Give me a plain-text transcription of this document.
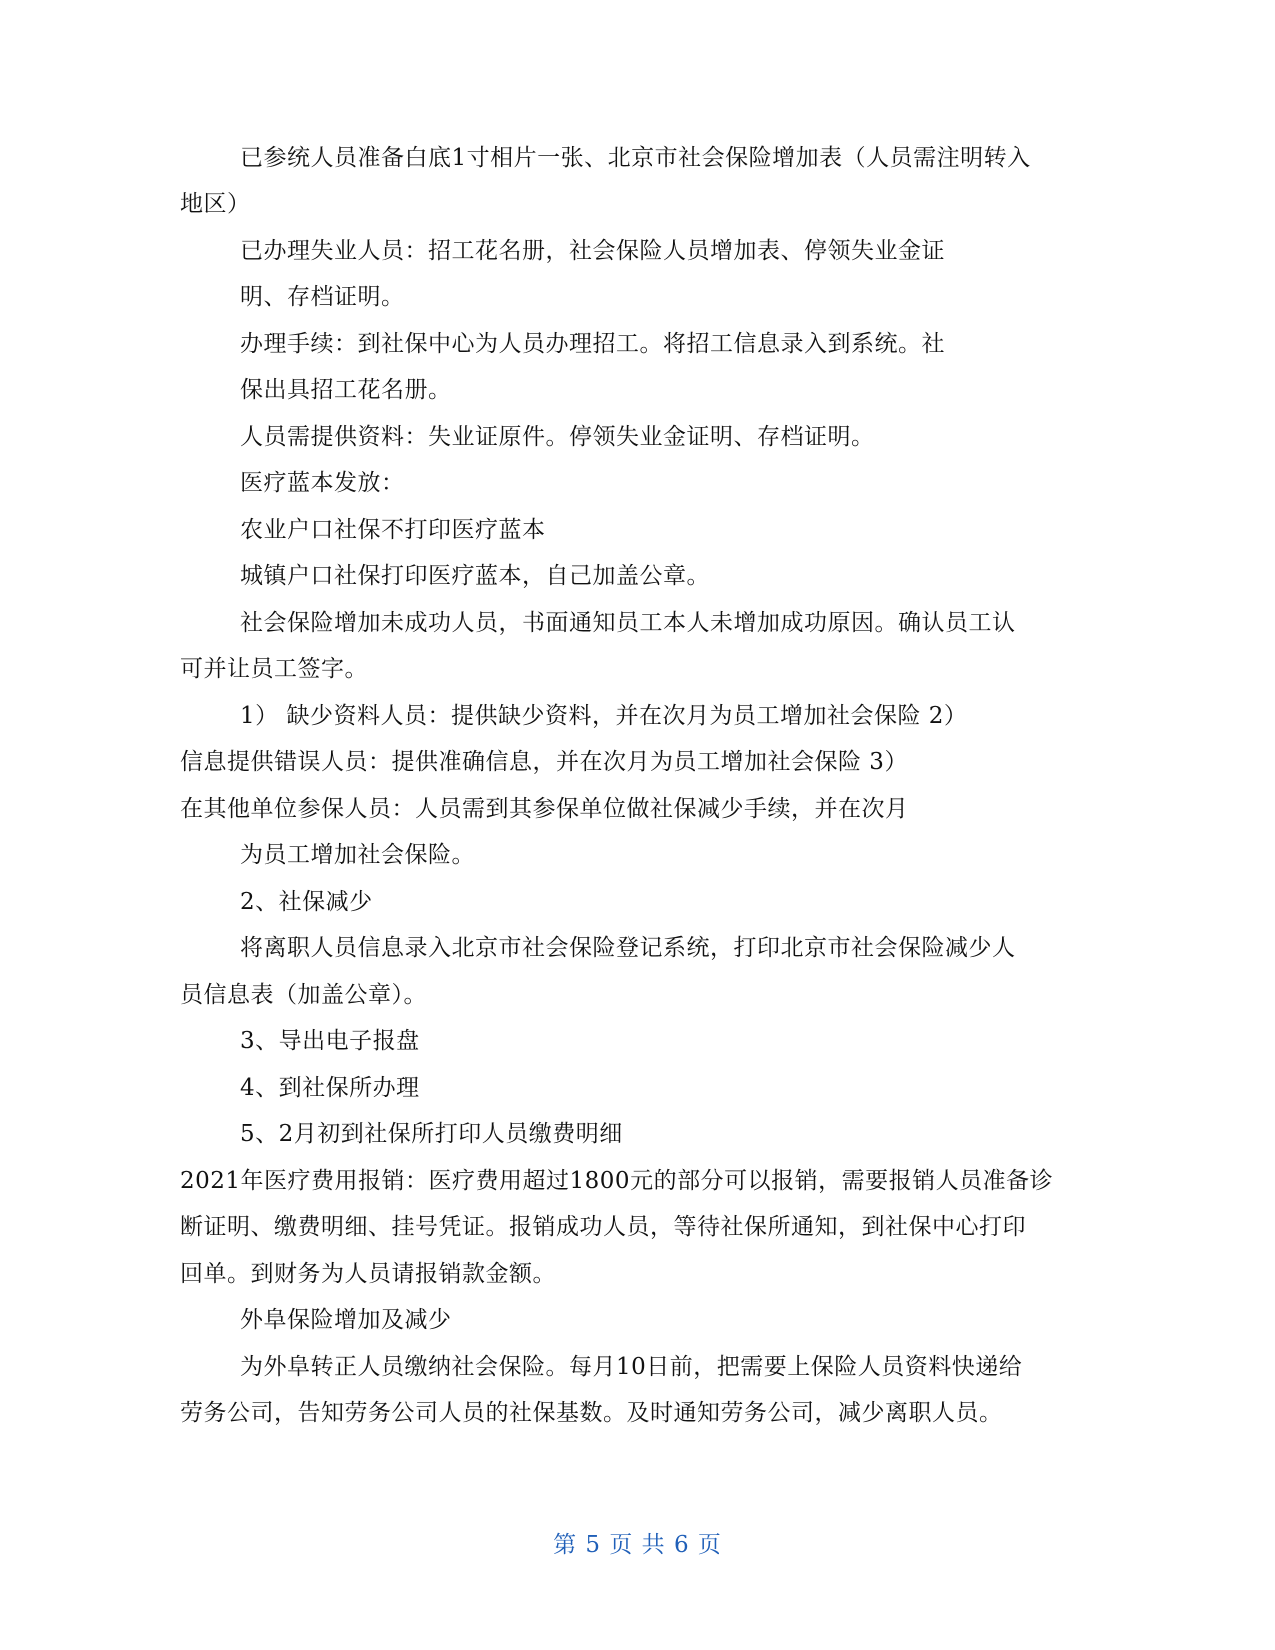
已参统人员准备白底1寸相片一张、北京市社会保险增加表（人员需注明转入
地区）
已办理失业人员：招工花名册，社会保险人员增加表、停领失业金证
明、存档证明。
办理手续：到社保中心为人员办理招工。将招工信息录入到系统。社
保出具招工花名册。
人员需提供资料：失业证原件。停领失业金证明、存档证明。
医疗蓝本发放：
农业户口社保不打印医疗蓝本
城镇户口社保打印医疗蓝本，自己加盖公章。
社会保险增加未成功人员，书面通知员工本人未增加成功原因。确认员工认
可并让员工签字。
1） 缺少资料人员：提供缺少资料，并在次月为员工增加社会保险 2）
信息提供错误人员：提供准确信息，并在次月为员工增加社会保险 3）
在其他单位参保人员：人员需到其参保单位做社保减少手续，并在次月
为员工增加社会保险。
2、社保减少
将离职人员信息录入北京市社会保险登记系统，打印北京市社会保险减少人
员信息表（加盖公章）。
3、导出电子报盘
4、到社保所办理
5、2月初到社保所打印人员缴费明细
2021年医疗费用报销：医疗费用超过1800元的部分可以报销，需要报销人员准备诊
断证明、缴费明细、挂号凭证。报销成功人员，等待社保所通知，到社保中心打印
回单。到财务为人员请报销款金额。
外阜保险增加及减少
为外阜转正人员缴纳社会保险。每月10日前，把需要上保险人员资料快递给
劳务公司，告知劳务公司人员的社保基数。及时通知劳务公司，减少离职人员。
第 5 页 共 6 页
